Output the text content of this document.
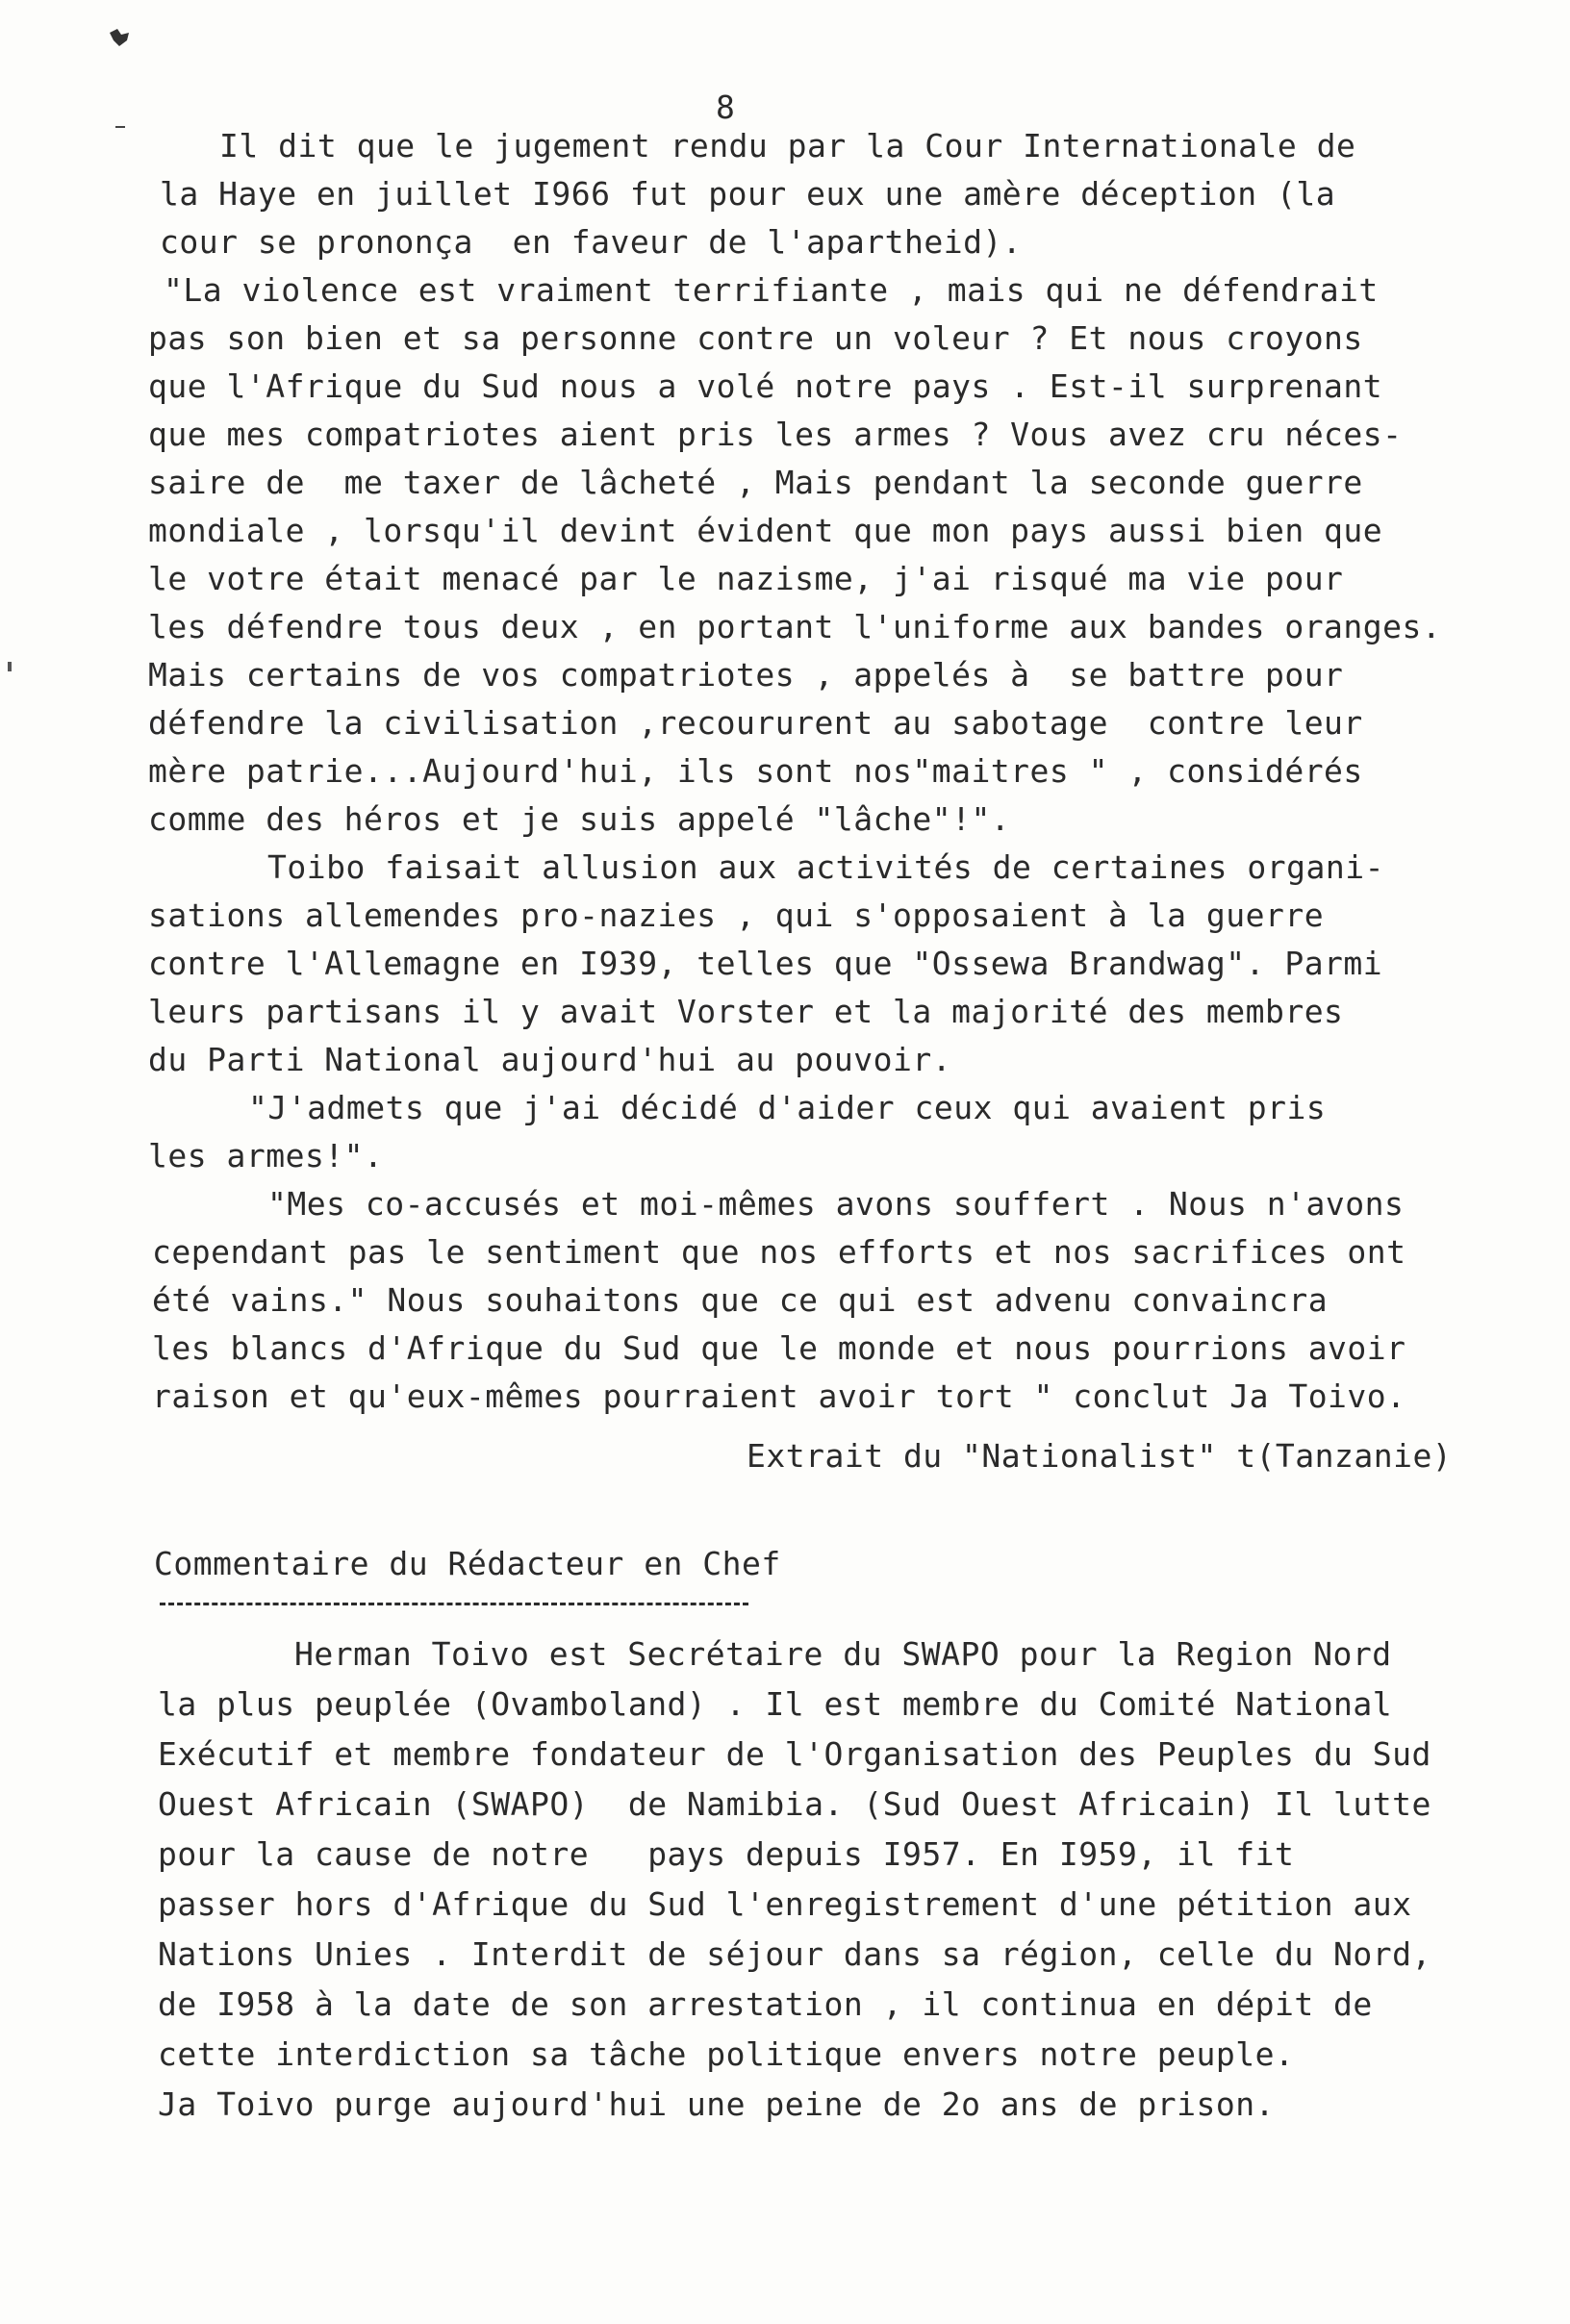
8
Il dit que le jugement rendu par la Cour Internationale de
la Haye en juillet I966 fut pour eux une amère déception (la
cour se prononça  en faveur de l'apartheid).
"La violence est vraiment terrifiante , mais qui ne défendrait
pas son bien et sa personne contre un voleur ? Et nous croyons
que l'Afrique du Sud nous a volé notre pays . Est-il surprenant
que mes compatriotes aient pris les armes ? Vous avez cru néces-
saire de  me taxer de lâcheté , Mais pendant la seconde guerre
mondiale , lorsqu'il devint évident que mon pays aussi bien que
le votre était menacé par le nazisme, j'ai risqué ma vie pour
les défendre tous deux , en portant l'uniforme aux bandes oranges.
Mais certains de vos compatriotes , appelés à  se battre pour
défendre la civilisation ,recoururent au sabotage  contre leur
mère patrie...Aujourd'hui, ils sont nos"maitres " , considérés
comme des héros et je suis appelé "lâche"!".
Toibo faisait allusion aux activités de certaines organi-
sations allemendes pro-nazies , qui s'opposaient à la guerre
contre l'Allemagne en I939, telles que "Ossewa Brandwag". Parmi
leurs partisans il y avait Vorster et la majorité des membres
du Parti National aujourd'hui au pouvoir.
"J'admets que j'ai décidé d'aider ceux qui avaient pris
les armes!".
"Mes co-accusés et moi-mêmes avons souffert . Nous n'avons
cependant pas le sentiment que nos efforts et nos sacrifices ont
été vains." Nous souhaitons que ce qui est advenu convaincra
les blancs d'Afrique du Sud que le monde et nous pourrions avoir
raison et qu'eux-mêmes pourraient avoir tort " conclut Ja Toivo.
Extrait du "Nationalist" t(Tanzanie)
Commentaire du Rédacteur en Chef
Herman Toivo est Secrétaire du SWAPO pour la Region Nord
la plus peuplée (Ovamboland) . Il est membre du Comité National
Exécutif et membre fondateur de l'Organisation des Peuples du Sud
Ouest Africain (SWAPO)  de Namibia. (Sud Ouest Africain) Il lutte
pour la cause de notre   pays depuis I957. En I959, il fit
passer hors d'Afrique du Sud l'enregistrement d'une pétition aux
Nations Unies . Interdit de séjour dans sa région, celle du Nord,
de I958 à la date de son arrestation , il continua en dépit de
cette interdiction sa tâche politique envers notre peuple.
Ja Toivo purge aujourd'hui une peine de 2o ans de prison.
